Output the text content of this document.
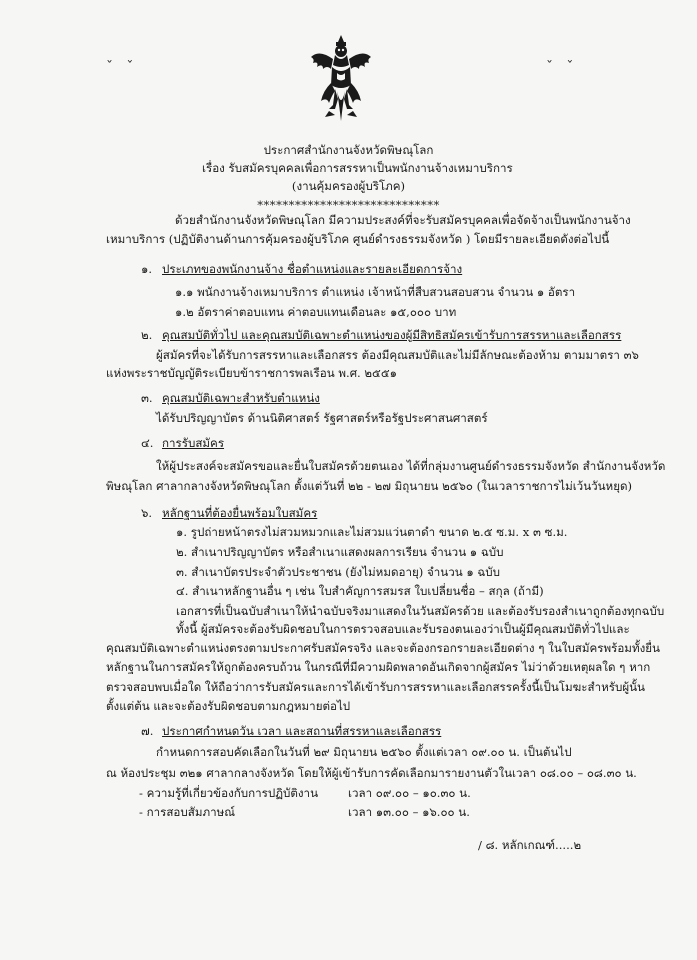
ˇ   ˇ	ˇ   ˇ
ประกาศสำนักงานจังหวัดพิษณุโลก
เรื่อง รับสมัครบุคคลเพื่อการสรรหาเป็นพนักงานจ้างเหมาบริการ
(งานคุ้มครองผู้บริโภค)
*****************************
ด้วยสำนักงานจังหวัดพิษณุโลก มีความประสงค์ที่จะรับสมัครบุคคลเพื่อจัดจ้างเป็นพนักงานจ้าง
เหมาบริการ (ปฏิบัติงานด้านการคุ้มครองผู้บริโภค ศูนย์ดำรงธรรมจังหวัด ) โดยมีรายละเอียดดังต่อไปนี้
๑. ประเภทของพนักงานจ้าง ชื่อตำแหน่งและรายละเอียดการจ้าง
๑.๑ พนักงานจ้างเหมาบริการ ตำแหน่ง เจ้าหน้าที่สืบสวนสอบสวน จำนวน ๑ อัตรา
๑.๒ อัตราค่าตอบแทน ค่าตอบแทนเดือนละ ๑๕,๐๐๐ บาท
๒. คุณสมบัติทั่วไป และคุณสมบัติเฉพาะตำแหน่งของผู้มีสิทธิสมัครเข้ารับการสรรหาและเลือกสรร
ผู้สมัครที่จะได้รับการสรรหาและเลือกสรร ต้องมีคุณสมบัติและไม่มีลักษณะต้องห้าม ตามมาตรา ๓๖
แห่งพระราชบัญญัติระเบียบข้าราชการพลเรือน พ.ศ. ๒๕๕๑
๓. คุณสมบัติเฉพาะสำหรับตำแหน่ง
ได้รับปริญญาบัตร ด้านนิติศาสตร์ รัฐศาสตร์หรือรัฐประศาสนศาสตร์
๔. การรับสมัคร
ให้ผู้ประสงค์จะสมัครขอและยื่นใบสมัครด้วยตนเอง ได้ที่กลุ่มงานศูนย์ดำรงธรรมจังหวัด สำนักงานจังหวัด
พิษณุโลก ศาลากลางจังหวัดพิษณุโลก ตั้งแต่วันที่ ๒๒ - ๒๗ มิถุนายน ๒๕๖๐ (ในเวลาราชการไม่เว้นวันหยุด)
๖. หลักฐานที่ต้องยื่นพร้อมใบสมัคร
๑. รูปถ่ายหน้าตรงไม่สวมหมวกและไม่สวมแว่นตาดำ ขนาด ๒.๕ ซ.ม. x ๓ ซ.ม.
๒. สำเนาปริญญาบัตร หรือสำเนาแสดงผลการเรียน จำนวน ๑ ฉบับ
๓. สำเนาบัตรประจำตัวประชาชน (ยังไม่หมดอายุ) จำนวน ๑ ฉบับ
๔. สำเนาหลักฐานอื่น ๆ เช่น ใบสำคัญการสมรส ใบเปลี่ยนชื่อ – สกุล (ถ้ามี)
เอกสารที่เป็นฉบับสำเนาให้นำฉบับจริงมาแสดงในวันสมัครด้วย และต้องรับรองสำเนาถูกต้องทุกฉบับ
ทั้งนี้ ผู้สมัครจะต้องรับผิดชอบในการตรวจสอบและรับรองตนเองว่าเป็นผู้มีคุณสมบัติทั่วไปและ
คุณสมบัติเฉพาะตำแหน่งตรงตามประกาศรับสมัครจริง และจะต้องกรอกรายละเอียดต่าง ๆ ในใบสมัครพร้อมทั้งยื่น
หลักฐานในการสมัครให้ถูกต้องครบถ้วน ในกรณีที่มีความผิดพลาดอันเกิดจากผู้สมัคร ไม่ว่าด้วยเหตุผลใด ๆ หาก
ตรวจสอบพบเมื่อใด ให้ถือว่าการรับสมัครและการได้เข้ารับการสรรหาและเลือกสรรครั้งนี้เป็นโมฆะสำหรับผู้นั้น
ตั้งแต่ต้น และจะต้องรับผิดชอบตามกฎหมายต่อไป
๗. ประกาศกำหนดวัน เวลา และสถานที่สรรหาและเลือกสรร
กำหนดการสอบคัดเลือกในวันที่ ๒๙ มิถุนายน ๒๕๖๐ ตั้งแต่เวลา ๐๙.๐๐ น. เป็นต้นไป
ณ ห้องประชุม ๓๒๑ ศาลากลางจังหวัด โดยให้ผู้เข้ารับการคัดเลือกมารายงานตัวในเวลา ๐๘.๐๐ – ๐๘.๓๐ น.
- ความรู้ที่เกี่ยวข้องกับการปฏิบัติงาน	เวลา ๐๙.๐๐ – ๑๐.๓๐ น.
- การสอบสัมภาษณ์	เวลา ๑๓.๐๐ – ๑๖.๐๐ น.
/ ๘. หลักเกณฑ์.....๒
